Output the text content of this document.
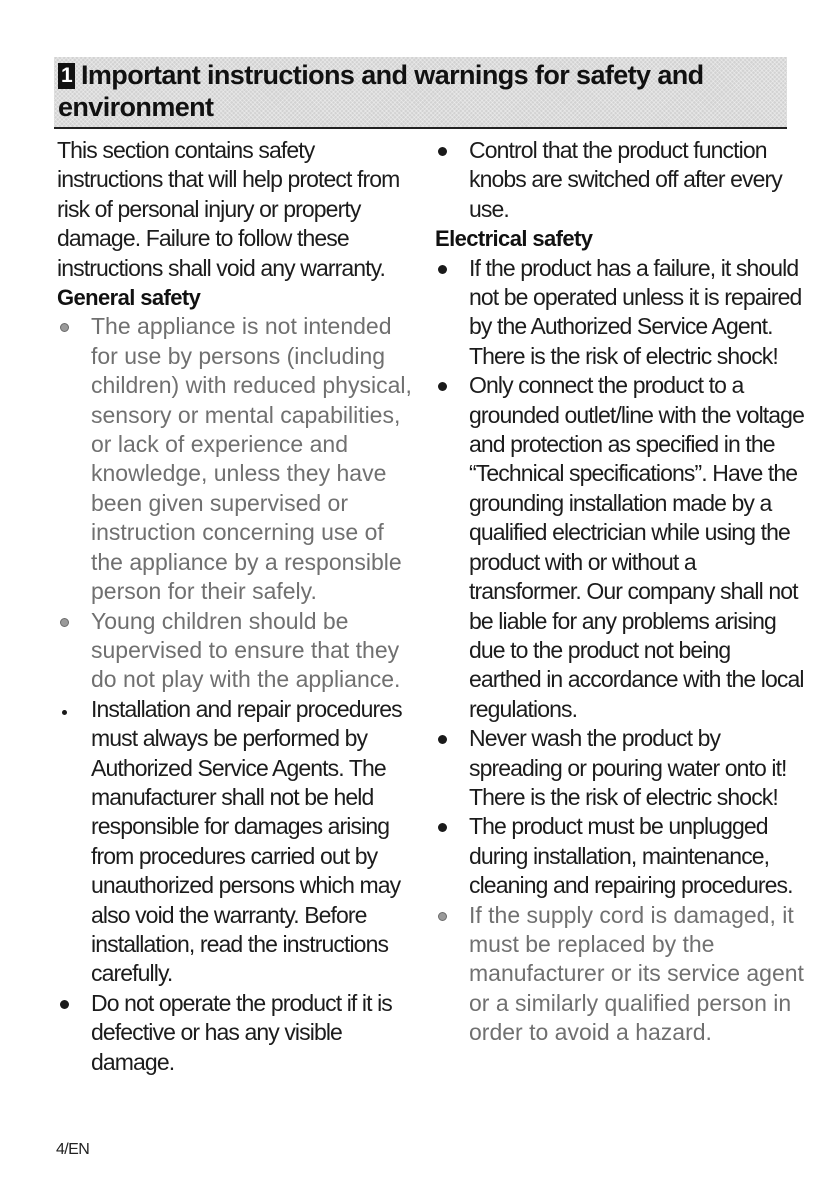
1 Important instructions and warnings for safety and environment

This section contains safety instructions that will help protect from risk of personal injury or property damage. Failure to follow these instructions shall void any warranty.

General safety

The appliance is not intended for use by persons (including children) with reduced physical, sensory or mental capabilities, or lack of experience and knowledge, unless they have been given supervised or instruction concerning use of the appliance by a responsible person for their safely.
Young children should be supervised to ensure that they do not play with the appliance.
Installation and repair procedures must always be performed by Authorized Service Agents. The manufacturer shall not be held responsible for damages arising from procedures carried out by unauthorized persons which may also void the warranty. Before installation, read the instructions carefully.
Do not operate the product if it is defective or has any visible damage.
Control that the product function knobs are switched off after every use.

Electrical safety

If the product has a failure, it should not be operated unless it is repaired by the Authorized Service Agent. There is the risk of electric shock!
Only connect the product to a grounded outlet/line with the voltage and protection as specified in the “Technical specifications”. Have the grounding installation made by a qualified electrician while using the product with or without a transformer. Our company shall not be liable for any problems arising due to the product not being earthed in accordance with the local regulations.
Never wash the product by spreading or pouring water onto it! There is the risk of electric shock!
The product must be unplugged during installation, maintenance, cleaning and repairing procedures.
If the supply cord is damaged, it must be replaced by the manufacturer or its service agent or a similarly qualified person in order to avoid a hazard.
4/EN
